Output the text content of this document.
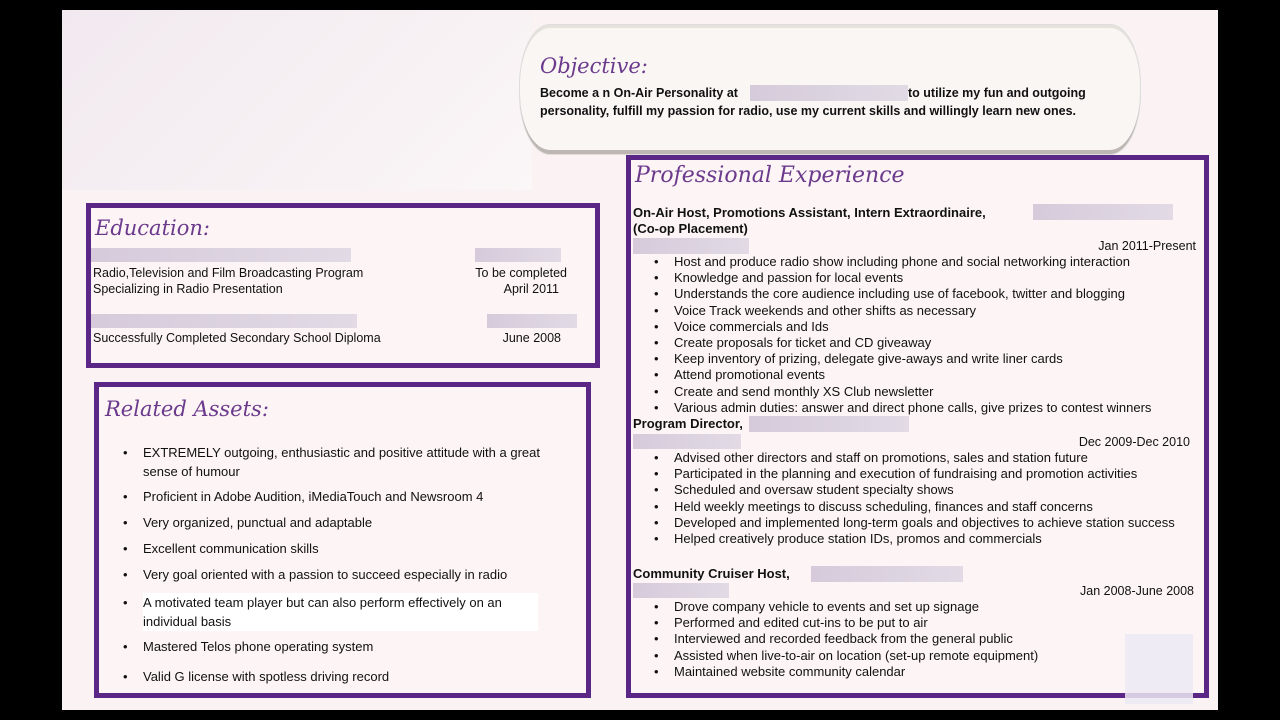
Objective:
Become a n On-Air Personality at	to utilize my fun and outgoing
personality, fulfill my passion for radio, use my current skills and willingly learn new ones.
Education:
Radio,Television and Film Broadcasting Program	To be completed
Specializing in Radio Presentation	April 2011
Successfully Completed Secondary School Diploma	June 2008
Related Assets:
• EXTREMELY outgoing, enthusiastic and positive attitude with a great sense of humour
• Proficient in Adobe Audition, iMediaTouch and Newsroom 4
• Very organized, punctual and adaptable
• Excellent communication skills
• Very goal oriented with a passion to succeed especially in radio
• A motivated team player but can also perform effectively on an individual basis
• Mastered Telos phone operating system
• Valid G license with spotless driving record
Professional Experience
On-Air Host, Promotions Assistant, Intern Extraordinaire,
(Co-op Placement)
Jan 2011-Present
• Host and produce radio show including phone and social networking interaction
• Knowledge and passion for local events
• Understands the core audience including use of facebook, twitter and blogging
• Voice Track weekends and other shifts as necessary
• Voice commercials and Ids
• Create proposals for ticket and CD giveaway
• Keep inventory of prizing, delegate give-aways and write liner cards
• Attend promotional events
• Create and send monthly XS Club newsletter
• Various admin duties: answer and direct phone calls, give prizes to contest winners
Program Director,
Dec 2009-Dec 2010
• Advised other directors and staff on promotions, sales and station future
• Participated in the planning and execution of fundraising and promotion activities
• Scheduled and oversaw student specialty shows
• Held weekly meetings to discuss scheduling, finances and staff concerns
• Developed and implemented long-term goals and objectives to achieve station success
• Helped creatively produce station IDs, promos and commercials
Community Cruiser Host,
Jan 2008-June 2008
• Drove company vehicle to events and set up signage
• Performed and edited cut-ins to be put to air
• Interviewed and recorded feedback from the general public
• Assisted when live-to-air on location (set-up remote equipment)
• Maintained website community calendar
